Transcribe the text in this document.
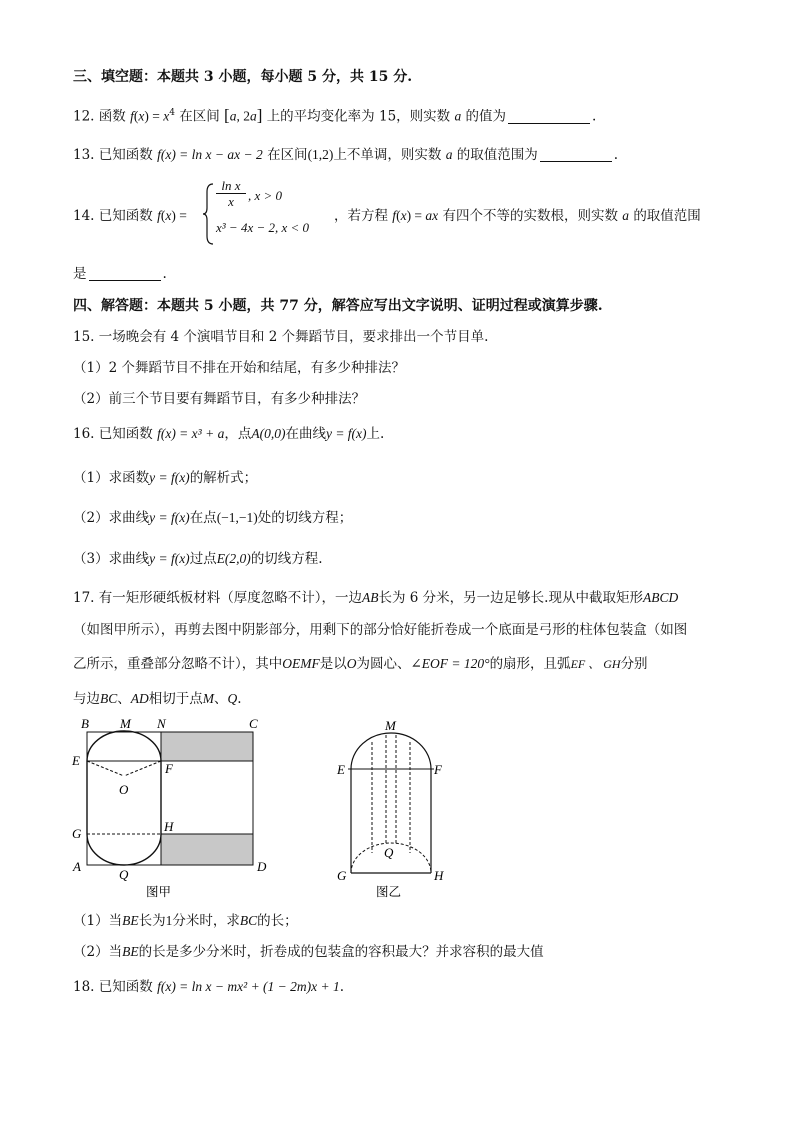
三、填空题：本题共 3 小题，每小题 5 分，共 15 分.
12. 函数 $f(x) = x^4$ 在区间 [a, 2a] 上的平均变化率为 15，则实数 a 的值为	.
13. 已知函数 f(x) = ln x − ax − 2 在区间(1,2)上不单调，则实数 a 的取值范围为	.
14. 已知函数 f(x) =
$\frac{\text{ln x}}{x}$ , x > 0
x³ − 4x − 2, x < 0
，若方程 f(x) = ax 有四个不等的实数根，则实数 a 的取值范围
是	.
四、解答题：本题共 5 小题，共 77 分，解答应写出文字说明、证明过程或演算步骤.
15. 一场晚会有 4 个演唱节目和 2 个舞蹈节目，要求排出一个节目单.
（1）2 个舞蹈节目不排在开始和结尾，有多少种排法？
（2）前三个节目要有舞蹈节目，有多少种排法？
16. 已知函数 f(x) = x³ + a，点A(0,0)在曲线y = f(x)上.
（1）求函数y = f(x)的解析式；
（2）求曲线y = f(x)在点(−1,−1)处的切线方程；
（3）求曲线y = f(x)过点E(2,0)的切线方程.
17. 有一矩形硬纸板材料（厚度忽略不计），一边AB长为 6 分米，另一边足够长.现从中截取矩形ABCD
（如图甲所示），再剪去图中阴影部分，用剩下的部分恰好能折卷成一个底面是弓形的柱体包装盒（如图
乙所示，重叠部分忽略不计），其中OEMF是以O为圆心、∠EOF = 120°的扇形，且弧EF 、 GH分别
与边BC、AD相切于点M、Q.
B M N	C
E
F
O
G	H
A
Q
D
图甲
M
E	F
Q
G	H
图乙
（1）当BE长为1分米时，求BC的长；
（2）当BE的长是多少分米时，折卷成的包装盒的容积最大？并求容积的最大值
18. 已知函数 f(x) = ln x − mx² + (1 − 2m)x + 1.
